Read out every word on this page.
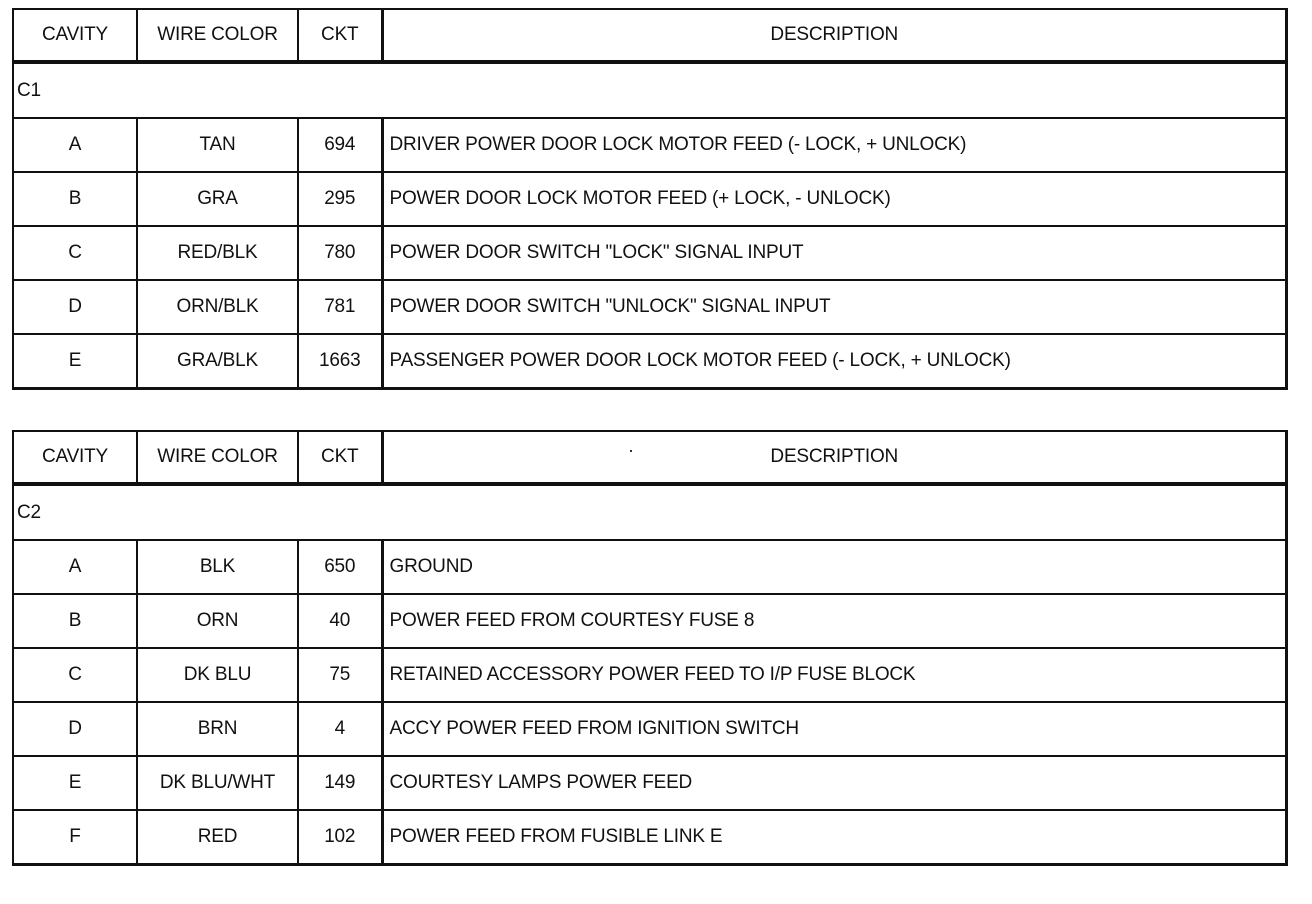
CAVITY	WIRE COLOR	CKT	DESCRIPTION
C1			
A	TAN	694	DRIVER POWER DOOR LOCK MOTOR FEED (- LOCK, + UNLOCK)
B	GRA	295	POWER DOOR LOCK MOTOR FEED (+ LOCK, - UNLOCK)
C	RED/BLK	780	POWER DOOR SWITCH "LOCK" SIGNAL INPUT
D	ORN/BLK	781	POWER DOOR SWITCH "UNLOCK" SIGNAL INPUT
E	GRA/BLK	1663	PASSENGER POWER DOOR LOCK MOTOR FEED (- LOCK, + UNLOCK)
CAVITY	WIRE COLOR	CKT	DESCRIPTION
C2			
A	BLK	650	GROUND
B	ORN	40	POWER FEED FROM COURTESY FUSE 8
C	DK BLU	75	RETAINED ACCESSORY POWER FEED TO I/P FUSE BLOCK
D	BRN	4	ACCY POWER FEED FROM IGNITION SWITCH
E	DK BLU/WHT	149	COURTESY LAMPS POWER FEED
F	RED	102	POWER FEED FROM FUSIBLE LINK E
